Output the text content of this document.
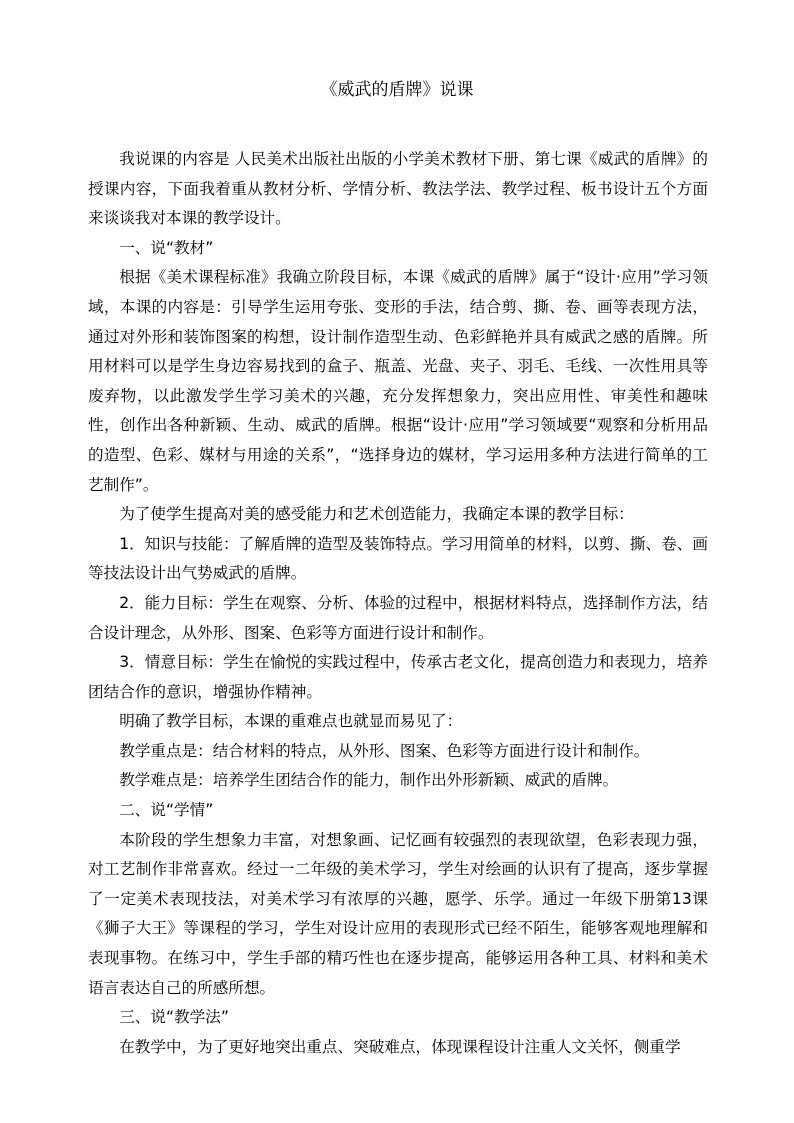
《威武的盾牌》说课

我说课的内容是 人民美术出版社出版的小学美术教材下册、第七课《威武的盾牌》的授课内容，下面我着重从教材分析、学情分析、教法学法、教学过程、板书设计五个方面来谈谈我对本课的教学设计。

一、说“教材”

根据《美术课程标准》我确立阶段目标，本课《威武的盾牌》属于“设计·应用”学习领域，本课的内容是：引导学生运用夸张、变形的手法，结合剪、撕、卷、画等表现方法，通过对外形和装饰图案的构想，设计制作造型生动、色彩鲜艳并具有威武之感的盾牌。所用材料可以是学生身边容易找到的盒子、瓶盖、光盘、夹子、羽毛、毛线、一次性用具等废弃物，以此激发学生学习美术的兴趣，充分发挥想象力，突出应用性、审美性和趣味性，创作出各种新颖、生动、威武的盾牌。根据“设计·应用”学习领域要“观察和分析用品的造型、色彩、媒材与用途的关系”，“选择身边的媒材，学习运用多种方法进行简单的工艺制作”。

为了使学生提高对美的感受能力和艺术创造能力，我确定本课的教学目标：

1．知识与技能：了解盾牌的造型及装饰特点。学习用简单的材料，以剪、撕、卷、画等技法设计出气势威武的盾牌。

2．能力目标：学生在观察、分析、体验的过程中，根据材料特点，选择制作方法，结合设计理念，从外形、图案、色彩等方面进行设计和制作。

3．情意目标：学生在愉悦的实践过程中，传承古老文化，提高创造力和表现力，培养团结合作的意识，增强协作精神。

明确了教学目标，本课的重难点也就显而易见了：

教学重点是：结合材料的特点，从外形、图案、色彩等方面进行设计和制作。

教学难点是：培养学生团结合作的能力，制作出外形新颖、威武的盾牌。

二、说“学情”

本阶段的学生想象力丰富，对想象画、记忆画有较强烈的表现欲望，色彩表现力强，对工艺制作非常喜欢。经过一二年级的美术学习，学生对绘画的认识有了提高，逐步掌握了一定美术表现技法，对美术学习有浓厚的兴趣，愿学、乐学。通过一年级下册第13课《狮子大王》等课程的学习，学生对设计应用的表现形式已经不陌生，能够客观地理解和表现事物。在练习中，学生手部的精巧性也在逐步提高，能够运用各种工具、材料和美术语言表达自己的所感所想。

三、说“教学法”

在教学中，为了更好地突出重点、突破难点，体现课程设计注重人文关怀，侧重学
